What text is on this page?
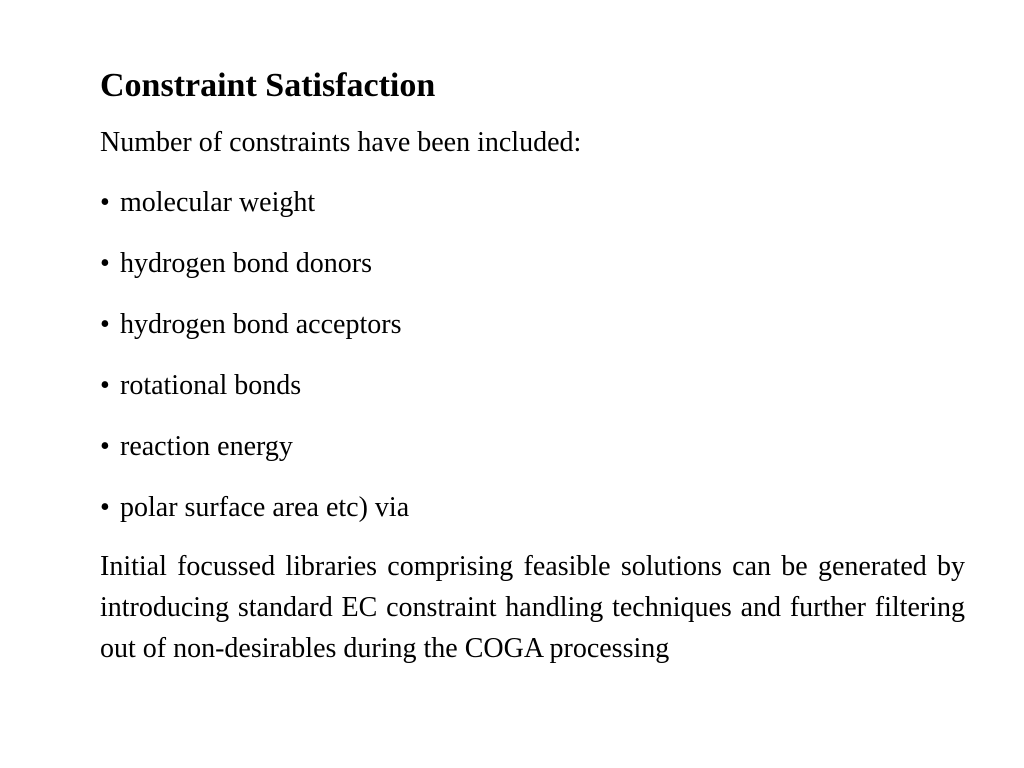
Constraint Satisfaction

Number of constraints have been included:

• molecular weight
• hydrogen bond donors
• hydrogen bond acceptors
• rotational bonds
• reaction energy
• polar surface area etc) via

Initial focussed libraries comprising feasible solutions can be generated by introducing standard EC constraint handling techniques and further filtering out of non-desirables during the COGA processing
